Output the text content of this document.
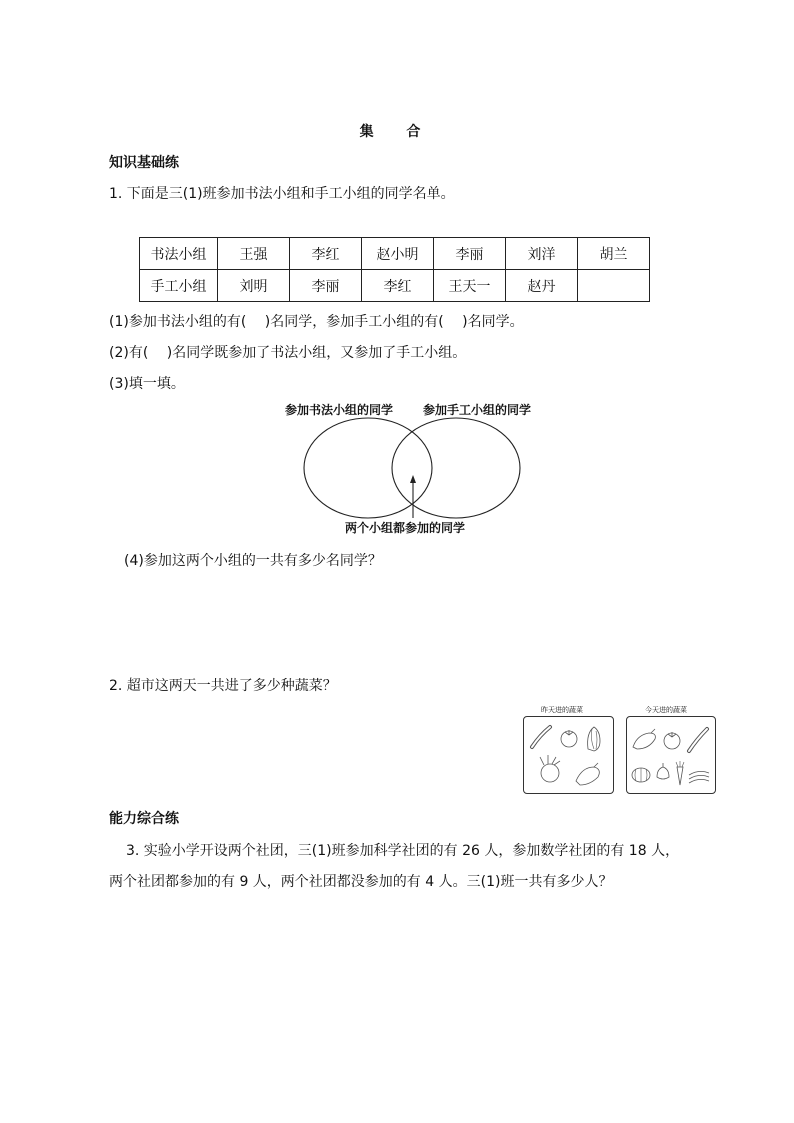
集 合
知识基础练
1. 下面是三(1)班参加书法小组和手工小组的同学名单。
书法小组	王强	李红	赵小明	李丽	刘洋	胡兰
手工小组	刘明	李丽	李红	王天一	赵丹	
(1)参加书法小组的有(　 )名同学，参加手工小组的有(　 )名同学。
(2)有(　 )名同学既参加了书法小组，又参加了手工小组。
(3)填一填。
参加书法小组的同学 参加手工小组的同学
两个小组都参加的同学
(4)参加这两个小组的一共有多少名同学？
2. 超市这两天一共进了多少种蔬菜？
昨天进的蔬菜	今天进的蔬菜
能力综合练
3. 实验小学开设两个社团，三(1)班参加科学社团的有 26 人，参加数学社团的有 18 人，
两个社团都参加的有 9 人，两个社团都没参加的有 4 人。三(1)班一共有多少人？
